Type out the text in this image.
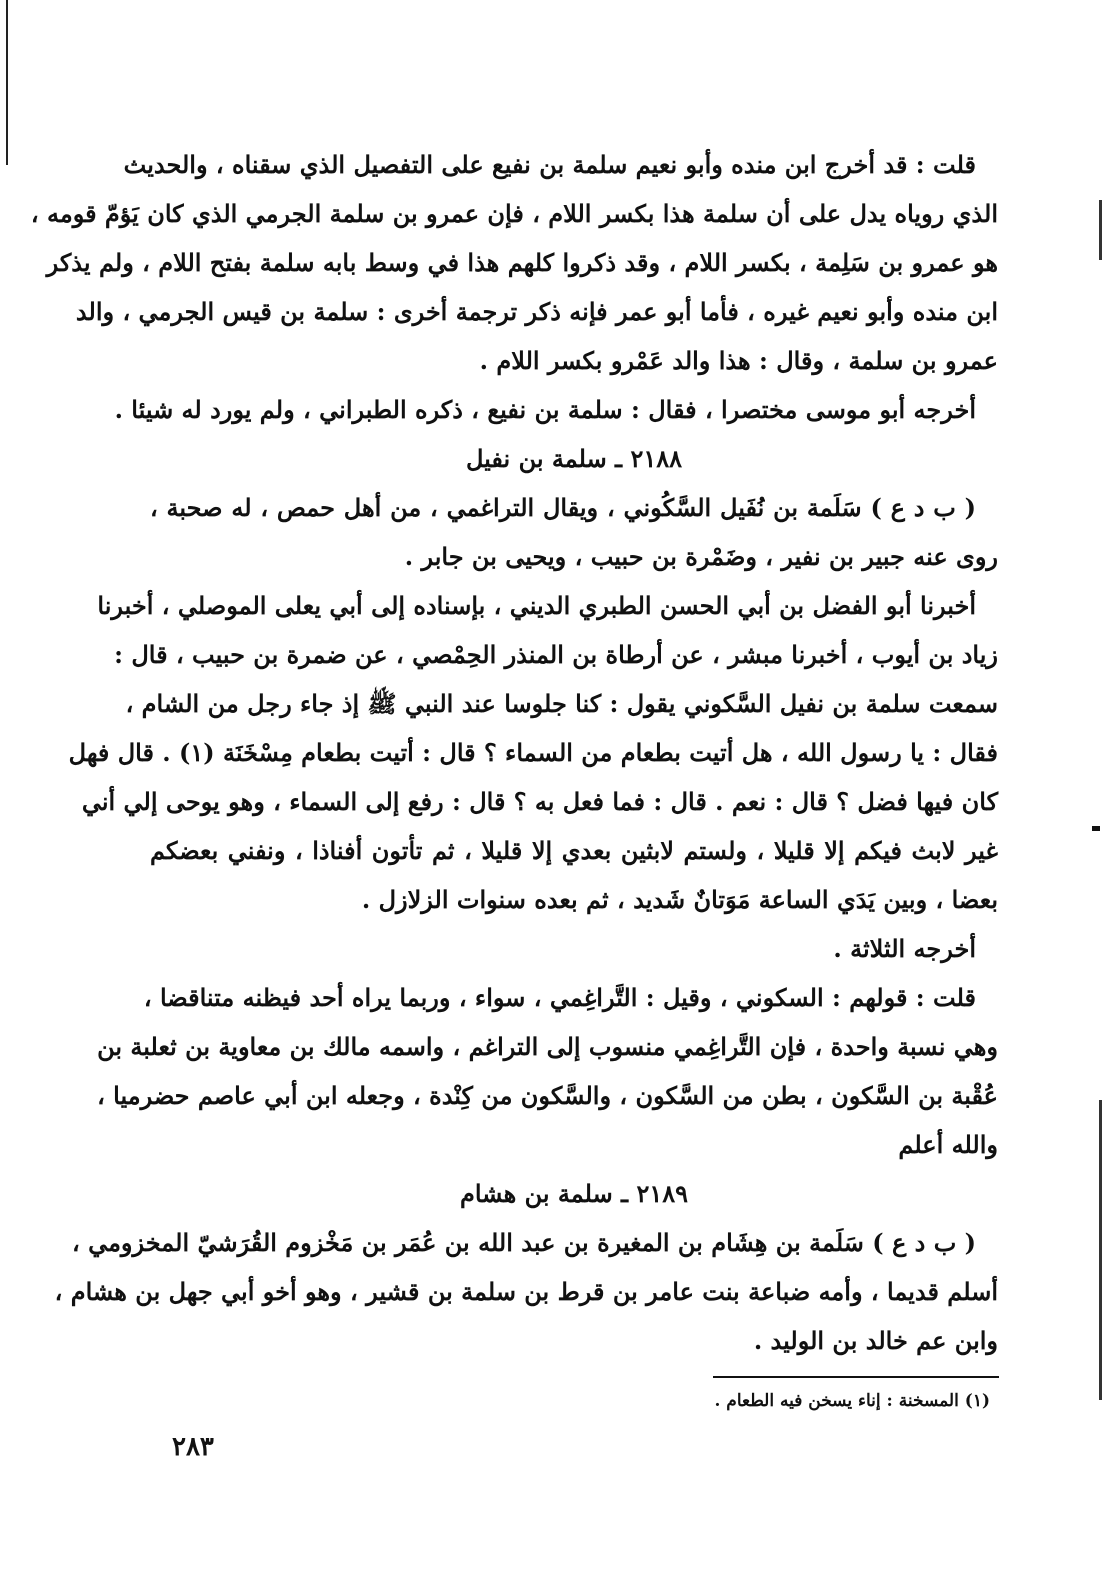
قلت : قد أخرج ابن منده وأبو نعيم سلمة بن نفيع على التفصيل الذي سقناه ، والحديث
الذي روياه يدل على أن سلمة هذا بكسر اللام ، فإن عمرو بن سلمة الجرمي الذي كان يَؤمّ قومه ،
هو عمرو بن سَلِمة ، بكسر اللام ، وقد ذكروا كلهم هذا في وسط بابه سلمة بفتح اللام ، ولم يذكر
ابن منده وأبو نعيم غيره ، فأما أبو عمر فإنه ذكر ترجمة أخرى : سلمة بن قيس الجرمي ، والد
عمرو بن سلمة ، وقال : هذا والد عَمْرو بكسر اللام .
أخرجه أبو موسى مختصرا ، فقال : سلمة بن نفيع ، ذكره الطبراني ، ولم يورد له شيئا .
٢١٨٨ ـ سلمة بن نفيل
( ب د ع ) سَلَمة بن نُفَيل السَّكُوني ، ويقال التراغمي ، من أهل حمص ، له صحبة ،
روى عنه جبير بن نفير ، وضَمْرة بن حبيب ، ويحيى بن جابر .
أخبرنا أبو الفضل بن أبي الحسن الطبري الديني ، بإسناده إلى أبي يعلى الموصلي ، أخبرنا
زياد بن أيوب ، أخبرنا مبشر ، عن أرطاة بن المنذر الحِمْصي ، عن ضمرة بن حبيب ، قال :
سمعت سلمة بن نفيل السَّكوني يقول : كنا جلوسا عند النبي ﷺ إذ جاء رجل من الشام ،
فقال : يا رسول الله ، هل أتيت بطعام من السماء ؟ قال : أتيت بطعام مِسْخَنَة (١) . قال فهل
كان فيها فضل ؟ قال : نعم . قال : فما فعل به ؟ قال : رفع إلى السماء ، وهو يوحى إلي أني
غير لابث فيكم إلا قليلا ، ولستم لابثين بعدي إلا قليلا ، ثم تأتون أفناذا ، ونفني بعضكم
بعضا ، وبين يَدَي الساعة مَوَتانٌ شَديد ، ثم بعده سنوات الزلازل .
أخرجه الثلاثة .
قلت : قولهم : السكوني ، وقيل : التَّراغِمي ، سواء ، وربما يراه أحد فيظنه متناقضا ،
وهي نسبة واحدة ، فإن التَّراغِمي منسوب إلى التراغم ، واسمه مالك بن معاوية بن ثعلبة بن
عُقْبة بن السَّكون ، بطن من السَّكون ، والسَّكون من كِنْدة ، وجعله ابن أبي عاصم حضرميا ،
والله أعلم
٢١٨٩ ـ سلمة بن هشام
( ب د ع ) سَلَمة بن هِشَام بن المغيرة بن عبد الله بن عُمَر بن مَخْزوم القُرَشيّ المخزومي ،
أسلم قديما ، وأمه ضباعة بنت عامر بن قرط بن سلمة بن قشير ، وهو أخو أبي جهل بن هشام ،
وابن عم خالد بن الوليد .
(١) المسخنة : إناء يسخن فيه الطعام .
٢٨٣
